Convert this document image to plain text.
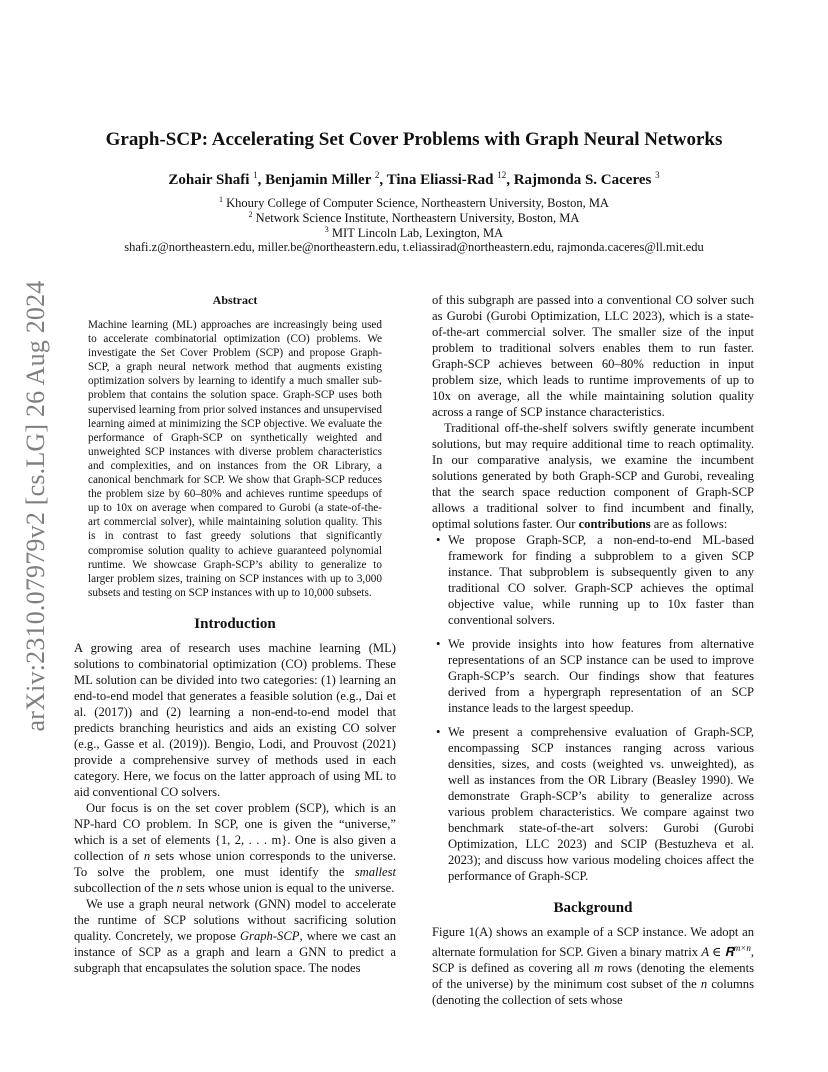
arXiv:2310.07979v2 [cs.LG] 26 Aug 2024
Graph-SCP: Accelerating Set Cover Problems with Graph Neural Networks
Zohair Shafi $^1$, Benjamin Miller $^2$, Tina Eliassi-Rad $^{12}$, Rajmonda S. Caceres $^3$
$^1$ Khoury College of Computer Science, Northeastern University, Boston, MA
$^2$ Network Science Institute, Northeastern University, Boston, MA
$^3$ MIT Lincoln Lab, Lexington, MA
shafi.z@northeastern.edu, miller.be@northeastern.edu, t.eliassirad@northeastern.edu, rajmonda.caceres@ll.mit.edu
Abstract

Machine learning (ML) approaches are increasingly being used to accelerate combinatorial optimization (CO) problems. We investigate the Set Cover Problem (SCP) and propose Graph-SCP, a graph neural network method that augments existing optimization solvers by learning to identify a much smaller sub-problem that contains the solution space. Graph-SCP uses both supervised learning from prior solved instances and unsupervised learning aimed at minimizing the SCP objective. We evaluate the performance of Graph-SCP on synthetically weighted and unweighted SCP instances with diverse problem characteristics and complexities, and on instances from the OR Library, a canonical benchmark for SCP. We show that Graph-SCP reduces the problem size by 60–80% and achieves runtime speedups of up to 10x on average when compared to Gurobi (a state-of-the-art commercial solver), while maintaining solution quality. This is in contrast to fast greedy solutions that significantly compromise solution quality to achieve guaranteed polynomial runtime. We showcase Graph-SCP’s ability to generalize to larger problem sizes, training on SCP instances with up to 3,000 subsets and testing on SCP instances with up to 10,000 subsets.

Introduction

A growing area of research uses machine learning (ML) solutions to combinatorial optimization (CO) problems. These ML solution can be divided into two categories: (1) learning an end-to-end model that generates a feasible solution (e.g., Dai et al. (2017)) and (2) learning a non-end-to-end model that predicts branching heuristics and aids an existing CO solver (e.g., Gasse et al. (2019)). Bengio, Lodi, and Prouvost (2021) provide a comprehensive survey of methods used in each category. Here, we focus on the latter approach of using ML to aid conventional CO solvers.

Our focus is on the set cover problem (SCP), which is an NP-hard CO problem. In SCP, one is given the “universe,” which is a set of elements {1, 2, . . . m}. One is also given a collection of n sets whose union corresponds to the universe. To solve the problem, one must identify the smallest subcollection of the n sets whose union is equal to the universe.

We use a graph neural network (GNN) model to accelerate the runtime of SCP solutions without sacrificing solution quality. Concretely, we propose Graph-SCP, where we cast an instance of SCP as a graph and learn a GNN to predict a subgraph that encapsulates the solution space. The nodes

of this subgraph are passed into a conventional CO solver such as Gurobi (Gurobi Optimization, LLC 2023), which is a state-of-the-art commercial solver. The smaller size of the input problem to traditional solvers enables them to run faster. Graph-SCP achieves between 60–80% reduction in input problem size, which leads to runtime improvements of up to 10x on average, all the while maintaining solution quality across a range of SCP instance characteristics.

Traditional off-the-shelf solvers swiftly generate incumbent solutions, but may require additional time to reach optimality. In our comparative analysis, we examine the incumbent solutions generated by both Graph-SCP and Gurobi, revealing that the search space reduction component of Graph-SCP allows a traditional solver to find incumbent and finally, optimal solutions faster. Our contributions are as follows:

• We propose Graph-SCP, a non-end-to-end ML-based framework for finding a subproblem to a given SCP instance. That subproblem is subsequently given to any traditional CO solver. Graph-SCP achieves the optimal objective value, while running up to 10x faster than conventional solvers.
• We provide insights into how features from alternative representations of an SCP instance can be used to improve Graph-SCP’s search. Our findings show that features derived from a hypergraph representation of an SCP instance leads to the largest speedup.
• We present a comprehensive evaluation of Graph-SCP, encompassing SCP instances ranging across various densities, sizes, and costs (weighted vs. unweighted), as well as instances from the OR Library (Beasley 1990). We demonstrate Graph-SCP’s ability to generalize across various problem characteristics. We compare against two benchmark state-of-the-art solvers: Gurobi (Gurobi Optimization, LLC 2023) and SCIP (Bestuzheva et al. 2023); and discuss how various modeling choices affect the performance of Graph-SCP.
Background

Figure 1(A) shows an example of a SCP instance. We adopt an alternate formulation for SCP. Given a binary matrix A ∈ 𝐑$^{m\times n}$, SCP is defined as covering all m rows (denoting the elements of the universe) by the minimum cost subset of the n columns (denoting the collection of sets whose
